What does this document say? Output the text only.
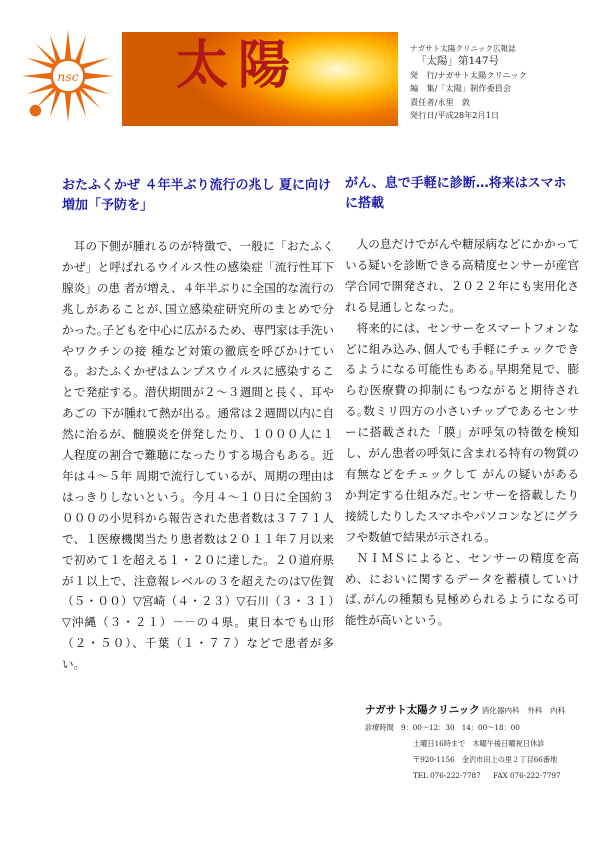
nsc 太陽	ナガサト太陽クリニック広報誌
「太陽」第147号
発　行/ナガサト太陽クリニック
編　集/「太陽」制作委員会
責任者/永里　敦
発行日/平成28年2月1日
おたふくかぜ ４年半ぶり流行の兆し 夏に向け増加「予防を」

耳の下側が腫れるのが特徴で、一般に「おたふくかぜ」と呼ばれるウイルス性の感染症「流行性耳下腺炎」の患 者が増え、４年半ぶりに全国的な流行の兆しがあることが､国立感染症研究所のまとめで分かった｡子どもを中心に広がるため、専門家は手洗いやワクチンの接 種など対策の徹底を呼びかけている。おたふくかぜはムンプスウイルスに感染することで発症する。潜伏期間が２～３週間と長く、耳やあごの 下が腫れて熱が出る。通常は２週間以内に自然に治るが、髄膜炎を併発したり、１０００人に１人程度の割合で難聴になったりする場合もある。近年は４～５年 周期で流行しているが、周期の理由ははっきりしないという。今月４～１０日に全国約３０００の小児科から報告された患者数は３７７１人 で、１医療機関当たり患者数は２０１１年７月以来で初めて１を超える１・２０に達した。２０道府県が１以上で、注意報レベルの３を超えたのは▽佐賀（５・００）▽宮崎（４・２３）▽石川（３・３１）▽沖縄（３・２１）－－の４県。東日本でも山形（２・５０）、千葉（１・７７）などで患者が多い。

がん、息で手軽に診断…将来はスマホに搭載

人の息だけでがんや糖尿病などにかかっている疑いを診断できる高精度センサーが産官学合同で開発され、２０２２年にも実用化される見通しとなった。

将来的には、センサーをスマートフォンなどに組み込み､個人でも手軽にチェックできるようになる可能性もある｡早期発見で、膨らむ医療費の抑制にもつながると期待される｡数ミリ四方の小さいチップであるセンサーに搭載された「膜」が呼気の特徴を検知し、がん患者の呼気に含まれる特有の物質の有無などをチェックして がんの疑いがあるか判定する仕組みだ｡センサーを搭載したり接続したりしたスマホやパソコンなどにグラフや数値で結果が示される。

ＮＩＭＳによると、センサーの精度を高め、においに関するデータを蓄積していけば､がんの種類も見極められるようになる可能性が高いという。

ナガサト太陽クリニック 消化器内科　外科　内科
診療時間　9：00～12：30　14：00～18：00
土曜日16時まで　木曜午後日曜祝日休診
〒920-1156　金沢市田上の里２丁目66番地
TEL 076-222-7787 FAX 076-222-7797
